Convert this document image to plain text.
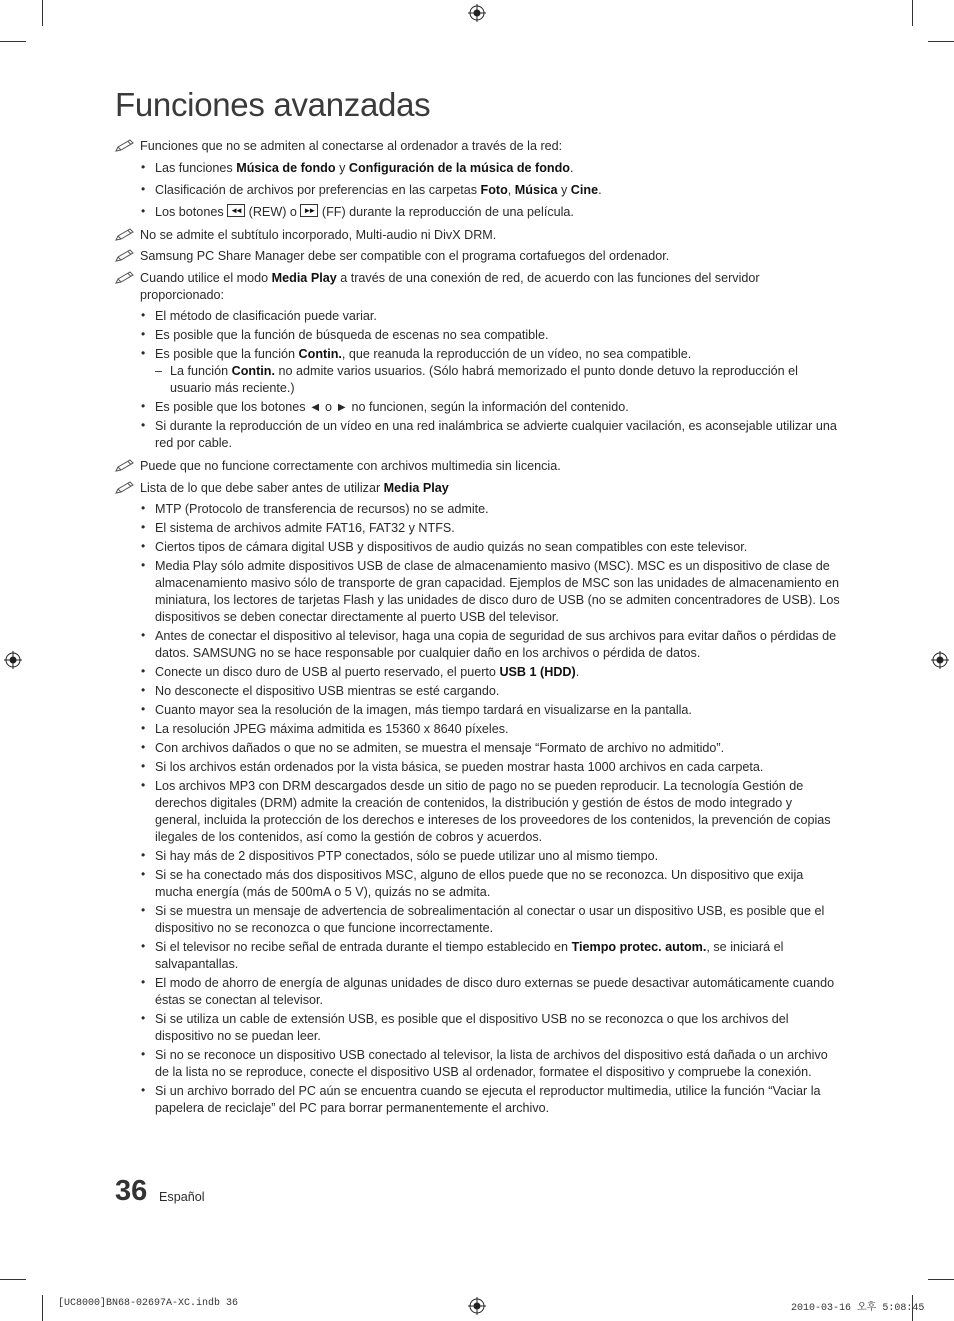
Funciones avanzadas
Funciones que no se admiten al conectarse al ordenador a través de la red:
• Las funciones Música de fondo y Configuración de la música de fondo.
• Clasificación de archivos por preferencias en las carpetas Foto, Música y Cine.
• Los botones ◄◄ (REW) o ►► (FF) durante la reproducción de una película.
No se admite el subtítulo incorporado, Multi-audio ni DivX DRM.
Samsung PC Share Manager debe ser compatible con el programa cortafuegos del ordenador.
Cuando utilice el modo Media Play a través de una conexión de red, de acuerdo con las funciones del servidor proporcionado:
• El método de clasificación puede variar.
• Es posible que la función de búsqueda de escenas no sea compatible.
• Es posible que la función Contin., que reanuda la reproducción de un vídeo, no sea compatible.
– La función Contin. no admite varios usuarios. (Sólo habrá memorizado el punto donde detuvo la reproducción el usuario más reciente.)
• Es posible que los botones ◄ o ► no funcionen, según la información del contenido.
• Si durante la reproducción de un vídeo en una red inalámbrica se advierte cualquier vacilación, es aconsejable utilizar una red por cable.
Puede que no funcione correctamente con archivos multimedia sin licencia.
Lista de lo que debe saber antes de utilizar Media Play
• MTP (Protocolo de transferencia de recursos) no se admite.
• El sistema de archivos admite FAT16, FAT32 y NTFS.
• Ciertos tipos de cámara digital USB y dispositivos de audio quizás no sean compatibles con este televisor.
• Media Play sólo admite dispositivos USB de clase de almacenamiento masivo (MSC). MSC es un dispositivo de clase de almacenamiento masivo sólo de transporte de gran capacidad. Ejemplos de MSC son las unidades de almacenamiento en miniatura, los lectores de tarjetas Flash y las unidades de disco duro de USB (no se admiten concentradores de USB). Los dispositivos se deben conectar directamente al puerto USB del televisor.
• Antes de conectar el dispositivo al televisor, haga una copia de seguridad de sus archivos para evitar daños o pérdidas de datos. SAMSUNG no se hace responsable por cualquier daño en los archivos o pérdida de datos.
• Conecte un disco duro de USB al puerto reservado, el puerto USB 1 (HDD).
• No desconecte el dispositivo USB mientras se esté cargando.
• Cuanto mayor sea la resolución de la imagen, más tiempo tardará en visualizarse en la pantalla.
• La resolución JPEG máxima admitida es 15360 x 8640 píxeles.
• Con archivos dañados o que no se admiten, se muestra el mensaje “Formato de archivo no admitido”.
• Si los archivos están ordenados por la vista básica, se pueden mostrar hasta 1000 archivos en cada carpeta.
• Los archivos MP3 con DRM descargados desde un sitio de pago no se pueden reproducir. La tecnología Gestión de derechos digitales (DRM) admite la creación de contenidos, la distribución y gestión de éstos de modo integrado y general, incluida la protección de los derechos e intereses de los proveedores de los contenidos, la prevención de copias ilegales de los contenidos, así como la gestión de cobros y acuerdos.
• Si hay más de 2 dispositivos PTP conectados, sólo se puede utilizar uno al mismo tiempo.
• Si se ha conectado más dos dispositivos MSC, alguno de ellos puede que no se reconozca. Un dispositivo que exija mucha energía (más de 500mA o 5 V), quizás no se admita.
• Si se muestra un mensaje de advertencia de sobrealimentación al conectar o usar un dispositivo USB, es posible que el dispositivo no se reconozca o que funcione incorrectamente.
• Si el televisor no recibe señal de entrada durante el tiempo establecido en Tiempo protec. autom., se iniciará el salvapantallas.
• El modo de ahorro de energía de algunas unidades de disco duro externas se puede desactivar automáticamente cuando éstas se conectan al televisor.
• Si se utiliza un cable de extensión USB, es posible que el dispositivo USB no se reconozca o que los archivos del dispositivo no se puedan leer.
• Si no se reconoce un dispositivo USB conectado al televisor, la lista de archivos del dispositivo está dañada o un archivo de la lista no se reproduce, conecte el dispositivo USB al ordenador, formatee el dispositivo y compruebe la conexión.
• Si un archivo borrado del PC aún se encuentra cuando se ejecuta el reproductor multimedia, utilice la función “Vaciar la papelera de reciclaje” del PC para borrar permanentemente el archivo.
36 Español
[UC8000]BN68-02697A-XC.indb 36	2010-03-16 오후 5:08:45
